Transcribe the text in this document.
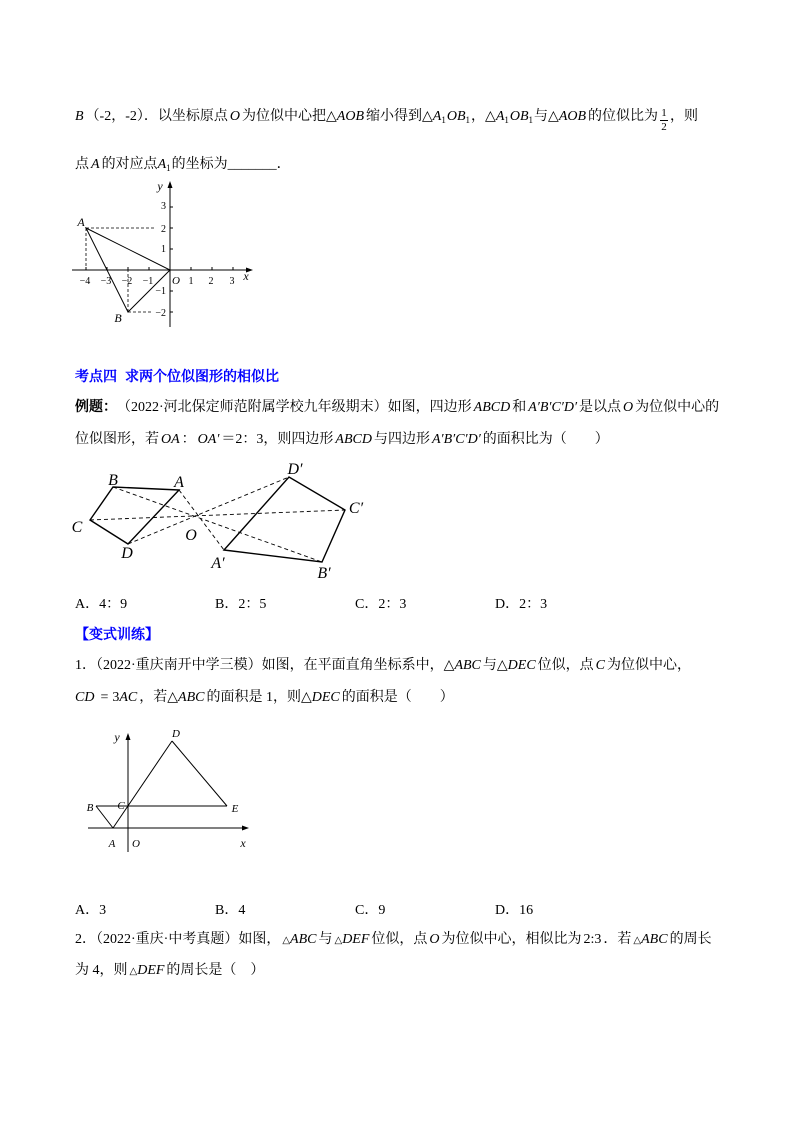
B （-2，-2）．以坐标原点 O 为位似中心把△ AOB 缩小得到△ A $_1$ OB $_1$ ，△ A $_1$ OB $_1$ 与△ AOB 的位似比为 $\frac{1}{2}$ ，则
点 A 的对应点 A $_1$ 的坐标为 _______ ．
−4 −3 −2 −1	1 2 3
3
2
1
−1
−2
O	x
y
A
B
考点四 求两个位似图形的相似比
例题： （2022·河北保定师范附属学校九年级期末）如图，四边形 ABCD 和 A′B′C′D′ 是以点 O 为位似中心的
位似图形，若 OA ： OA′ ＝2：3，则四边形 ABCD 与四边形 A′B′C′D′ 的面积比为（　　）
B	A
C
D
O
D′
C′
A′
B′
A．4：9	B．2：5	C．2：3	D．2：3
【变式训练】
1．（2022·重庆南开中学三模）如图，在平面直角坐标系中，△ ABC 与△ DEC 位似，点 C 为位似中心，
CD = 3 AC ，若△ ABC 的面积是 1，则△ DEC 的面积是（　　）
y	D
B C	E
A O	x
A．3	B．4	C．9	D．16
2．（2022·重庆·中考真题）如图， △ ABC 与 △ DEF 位似，点 O 为位似中心，相似比为 2:3 ．若 △ ABC 的周长
为 4，则 △ DEF 的周长是（　）
